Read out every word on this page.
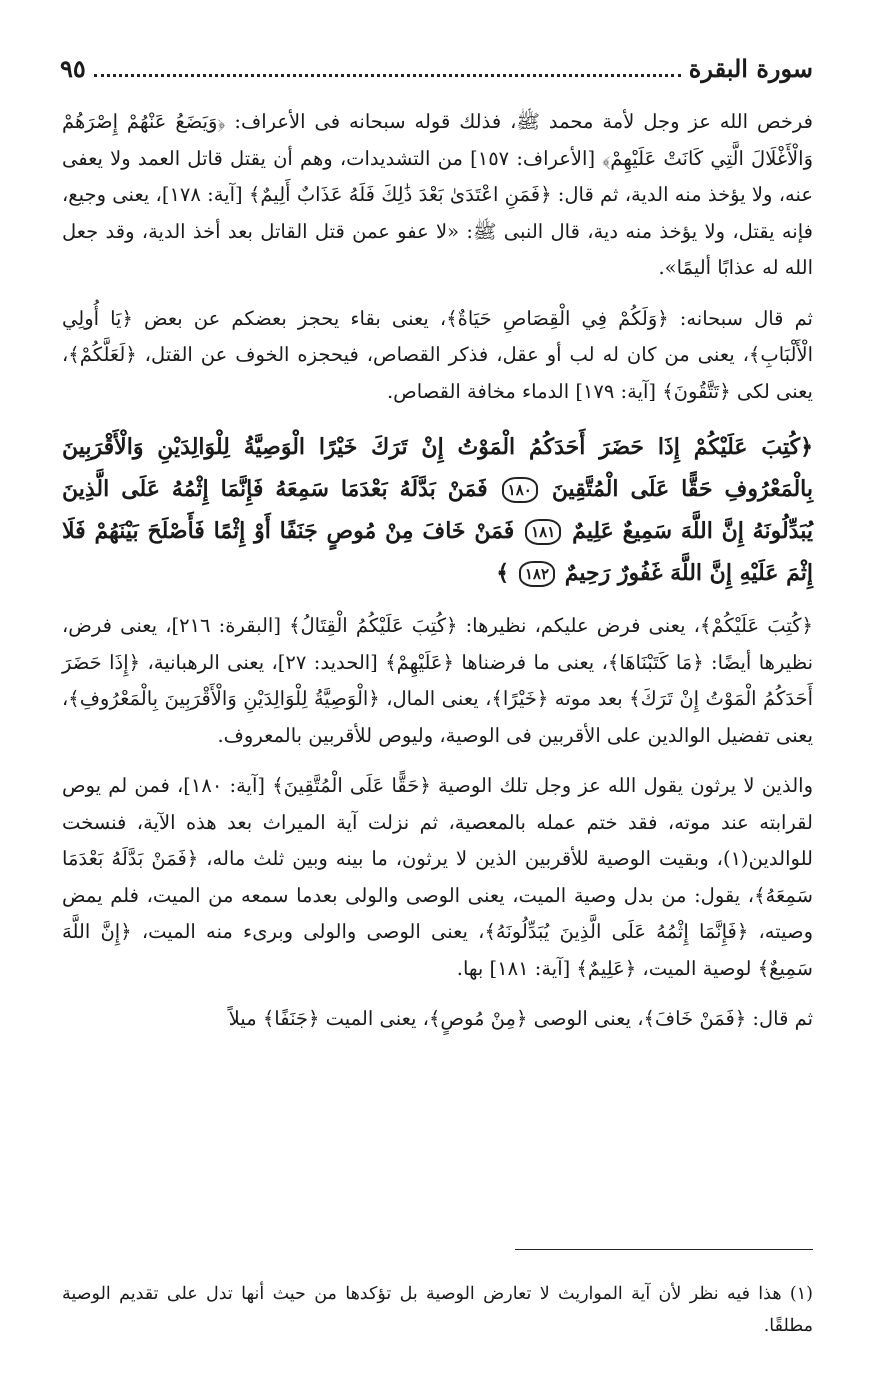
سورة البقرة
٩٥

فرخص الله عز وجل لأمة محمد ﷺ، فذلك قوله سبحانه فى الأعراف: ﴿وَيَضَعُ عَنْهُمْ إِصْرَهُمْ وَالْأَغْلَالَ الَّتِي كَانَتْ عَلَيْهِمْ﴾ [الأعراف: ١٥٧] من التشديدات، وهم أن يقتل قاتل العمد ولا يعفى عنه، ولا يؤخذ منه الدية، ثم قال: ﴿فَمَنِ اعْتَدَىٰ بَعْدَ ذَٰلِكَ فَلَهُ عَذَابٌ أَلِيمٌ﴾ [آية: ١٧٨]، يعنى وجيع، فإنه يقتل، ولا يؤخذ منه دية، قال النبى ﷺ: «لا عفو عمن قتل القاتل بعد أخذ الدية، وقد جعل الله له عذابًا أليمًا».

ثم قال سبحانه: ﴿وَلَكُمْ فِي الْقِصَاصِ حَيَاةٌ﴾، يعنى بقاء يحجز بعضكم عن بعض ﴿يَا أُولِي الْأَلْبَابِ﴾، يعنى من كان له لب أو عقل، فذكر القصاص، فيحجزه الخوف عن القتل، ﴿لَعَلَّكُمْ﴾، يعنى لكى ﴿تَتَّقُونَ﴾ [آية: ١٧٩] الدماء مخافة القصاص.

﴿كُتِبَ عَلَيْكُمْ إِذَا حَضَرَ أَحَدَكُمُ الْمَوْتُ إِنْ تَرَكَ خَيْرًا الْوَصِيَّةُ لِلْوَالِدَيْنِ وَالْأَقْرَبِينَ بِالْمَعْرُوفِ حَقًّا عَلَى الْمُتَّقِينَ ١٨٠ فَمَنْ بَدَّلَهُ بَعْدَمَا سَمِعَهُ فَإِنَّمَا إِثْمُهُ عَلَى الَّذِينَ يُبَدِّلُونَهُ إِنَّ اللَّهَ سَمِيعٌ عَلِيمٌ ١٨١ فَمَنْ خَافَ مِنْ مُوصٍ جَنَفًا أَوْ إِثْمًا فَأَصْلَحَ بَيْنَهُمْ فَلَا إِثْمَ عَلَيْهِ إِنَّ اللَّهَ غَفُورٌ رَحِيمٌ ١٨٢ ﴾

﴿كُتِبَ عَلَيْكُمْ﴾، يعنى فرض عليكم، نظيرها: ﴿كُتِبَ عَلَيْكُمُ الْقِتَالُ﴾ [البقرة: ٢١٦]، يعنى فرض، نظيرها أيضًا: ﴿مَا كَتَبْنَاهَا﴾، يعنى ما فرضناها ﴿عَلَيْهِمْ﴾ [الحديد: ٢٧]، يعنى الرهبانية، ﴿إِذَا حَضَرَ أَحَدَكُمُ الْمَوْتُ إِنْ تَرَكَ﴾ بعد موته ﴿خَيْرًا﴾، يعنى المال، ﴿الْوَصِيَّةُ لِلْوَالِدَيْنِ وَالْأَقْرَبِينَ بِالْمَعْرُوفِ﴾، يعنى تفضيل الوالدين على الأقربين فى الوصية، وليوص للأقربين بالمعروف.

والذين لا يرثون يقول الله عز وجل تلك الوصية ﴿حَقًّا عَلَى الْمُتَّقِينَ﴾ [آية: ١٨٠]، فمن لم يوص لقرابته عند موته، فقد ختم عمله بالمعصية، ثم نزلت آية الميراث بعد هذه الآية، فنسخت للوالدين(١)، وبقيت الوصية للأقربين الذين لا يرثون، ما بينه وبين ثلث ماله، ﴿فَمَنْ بَدَّلَهُ بَعْدَمَا سَمِعَهُ﴾، يقول: من بدل وصية الميت، يعنى الوصى والولى بعدما سمعه من الميت، فلم يمض وصيته، ﴿فَإِنَّمَا إِثْمُهُ عَلَى الَّذِينَ يُبَدِّلُونَهُ﴾، يعنى الوصى والولى وبرىء منه الميت، ﴿إِنَّ اللَّهَ سَمِيعٌ﴾ لوصية الميت، ﴿عَلِيمٌ﴾ [آية: ١٨١] بها.

ثم قال: ﴿فَمَنْ خَافَ﴾، يعنى الوصى ﴿مِنْ مُوصٍ﴾، يعنى الميت ﴿جَنَفًا﴾ ميلاً

(١) هذا فيه نظر لأن آية المواريث لا تعارض الوصية بل تؤكدها من حيث أنها تدل على تقديم الوصية مطلقًا.
